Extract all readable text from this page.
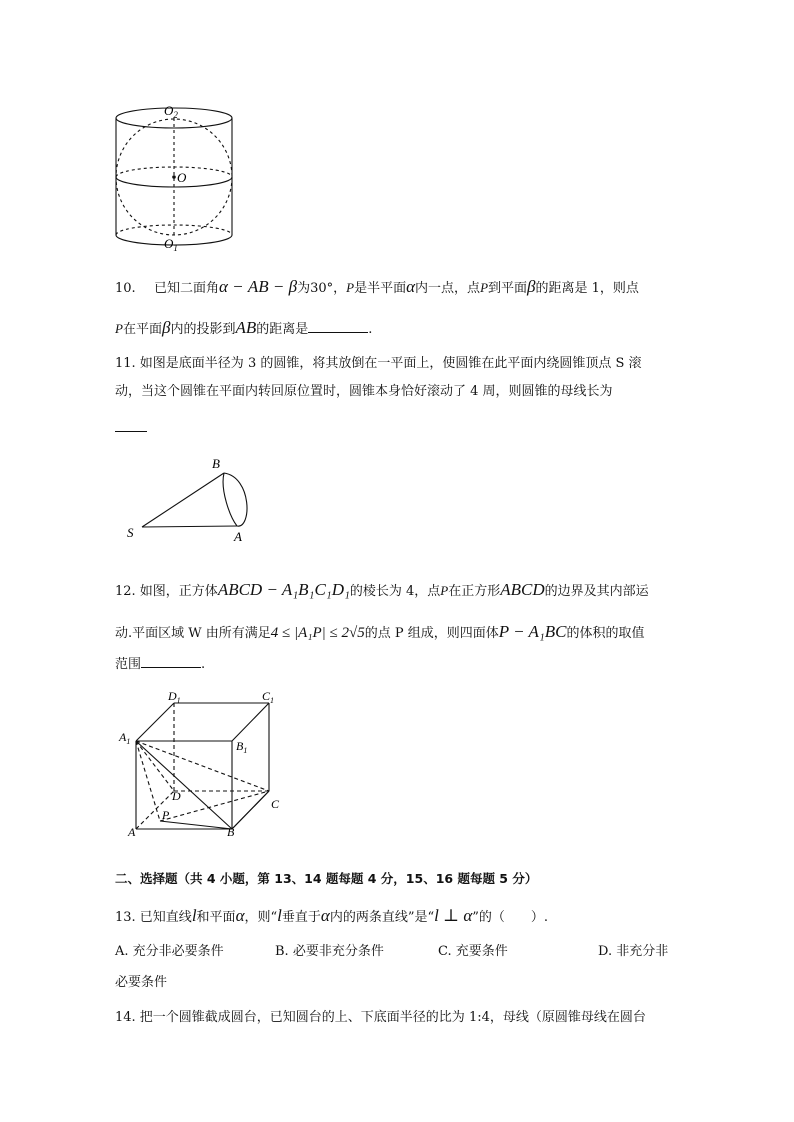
$O_2$
O
$O_1$
10. 已知二面角α − AB − β为30°，P是半平面α内一点，点P到平面β的距离是 1，则点
P在平面β内的投影到AB的距离是	.
11. 如图是底面半径为 3 的圆锥，将其放倒在一平面上，使圆锥在此平面内绕圆锥顶点 S 滚
动，当这个圆锥在平面内转回原位置时，圆锥本身恰好滚动了 4 周，则圆锥的母线长为
B
S	A
12. 如图，正方体ABCD − A₁B₁C₁D₁的棱长为 4，点P在正方形ABCD的边界及其内部运
动.平面区域 W 由所有满足4 ≤ |A₁P| ≤ 2√5的点 P 组成，则四面体P − A₁BC的体积的取值
范围	.
$D_1$	$C_1$
$A_1$	$B_1$
D
C
P
A	B
二、选择题（共 4 小题，第 13、14 题每题 4 分，15、16 题每题 5 分）
13. 已知直线l和平面α，则“l垂直于α内的两条直线”是“l ⊥ α”的（　　）.
A. 充分非必要条件	B. 必要非充分条件	C. 充要条件	D. 非充分非
必要条件
14. 把一个圆锥截成圆台，已知圆台的上、下底面半径的比为 1:4，母线（原圆锥母线在圆台
